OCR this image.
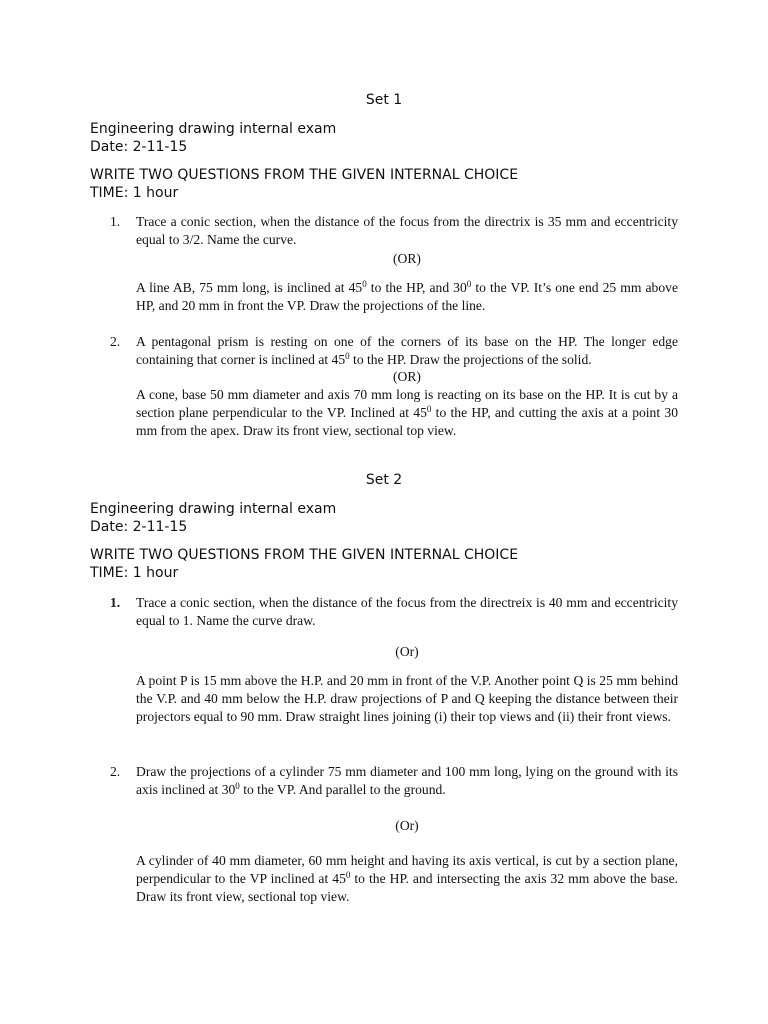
Set 1
Engineering drawing internal exam
Date: 2-11-15
WRITE TWO QUESTIONS FROM THE GIVEN INTERNAL CHOICE
TIME: 1 hour
1. Trace a conic section, when the distance of the focus from the directrix is 35 mm and eccentricity equal to 3/2. Name the curve.
(OR)
A line AB, 75 mm long, is inclined at $45^0$ to the HP, and $30^0$ to the VP. It’s one end 25 mm above HP, and 20 mm in front the VP. Draw the projections of the line.
2. A pentagonal prism is resting on one of the corners of its base on the HP. The longer edge containing that corner is inclined at $45^0$ to the HP. Draw the projections of the solid.
(OR)
A cone, base 50 mm diameter and axis 70 mm long is reacting on its base on the HP. It is cut by a section plane perpendicular to the VP. Inclined at $45^0$ to the HP, and cutting the axis at a point 30 mm from the apex. Draw its front view, sectional top view.
Set 2
Engineering drawing internal exam
Date: 2-11-15
WRITE TWO QUESTIONS FROM THE GIVEN INTERNAL CHOICE
TIME: 1 hour
1. Trace a conic section, when the distance of the focus from the directreix is 40 mm and eccentricity equal to 1. Name the curve draw.
(Or)
A point P is 15 mm above the H.P. and 20 mm in front of the V.P. Another point Q is 25 mm behind the V.P. and 40 mm below the H.P. draw projections of P and Q keeping the distance between their projectors equal to 90 mm. Draw straight lines joining (i) their top views and (ii) their front views.
2. Draw the projections of a cylinder 75 mm diameter and 100 mm long, lying on the ground with its axis inclined at $30^0$ to the VP. And parallel to the ground.
(Or)
A cylinder of 40 mm diameter, 60 mm height and having its axis vertical, is cut by a section plane, perpendicular to the VP inclined at $45^0$ to the HP. and intersecting the axis 32 mm above the base. Draw its front view, sectional top view.
